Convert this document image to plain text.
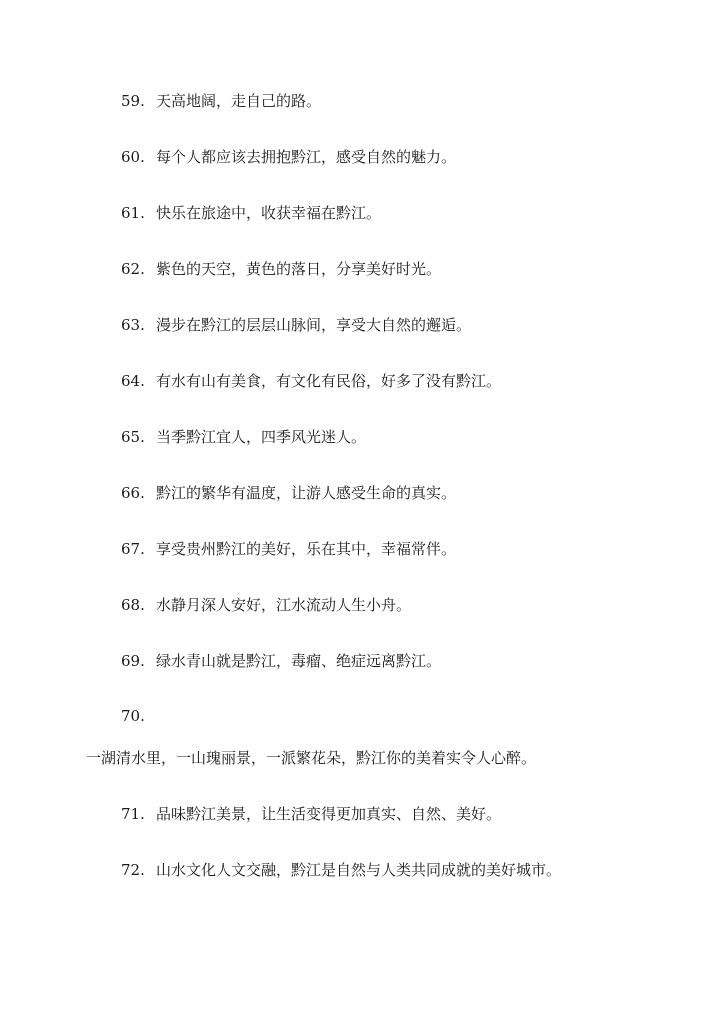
59. 天高地阔，走自己的路。
60. 每个人都应该去拥抱黔江，感受自然的魅力。
61. 快乐在旅途中，收获幸福在黔江。
62. 紫色的天空，黄色的落日，分享美好时光。
63. 漫步在黔江的层层山脉间，享受大自然的邂逅。
64. 有水有山有美食，有文化有民俗，好多了没有黔江。
65. 当季黔江宜人，四季风光迷人。
66. 黔江的繁华有温度，让游人感受生命的真实。
67. 享受贵州黔江的美好，乐在其中，幸福常伴。
68. 水静月深人安好，江水流动人生小舟。
69. 绿水青山就是黔江，毒瘤、绝症远离黔江。
70.
一湖清水里，一山瑰丽景，一派繁花朵，黔江你的美着实令人心醉。
71. 品味黔江美景，让生活变得更加真实、自然、美好。
72. 山水文化人文交融，黔江是自然与人类共同成就的美好城市。
